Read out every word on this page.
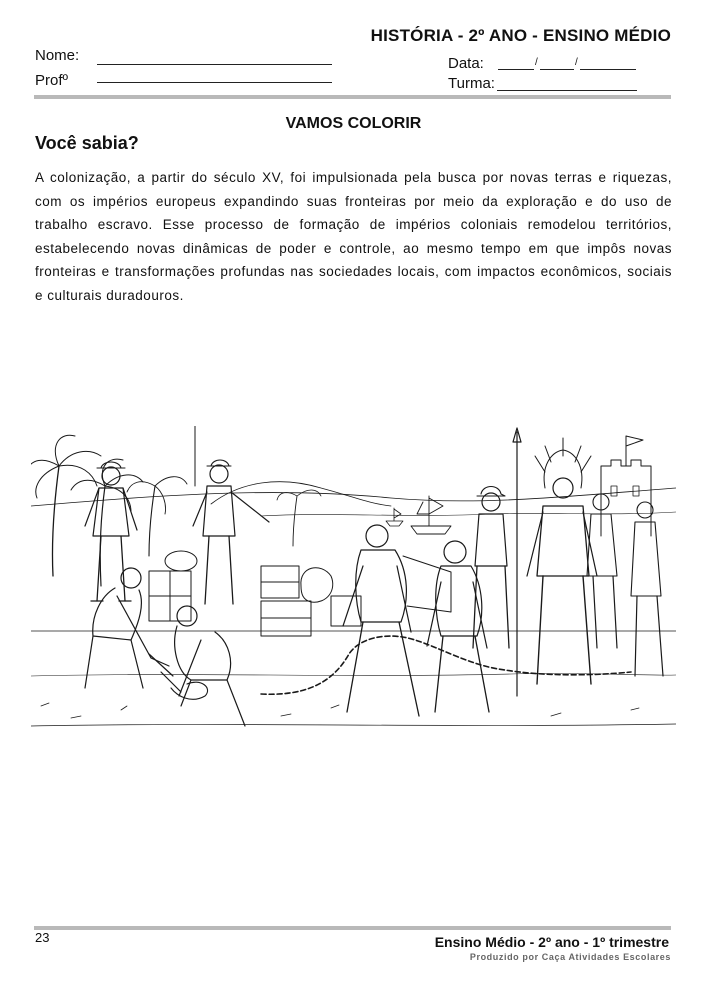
HISTÓRIA - 2º ANO - ENSINO MÉDIO
Nome:
Profº
Data:	/	/
Turma:
VAMOS COLORIR
Você sabia?
A colonização, a partir do século XV, foi impulsionada pela busca por novas terras e riquezas, com os impérios europeus expandindo suas fronteiras por meio da exploração e do uso de trabalho escravo. Esse processo de formação de impérios coloniais remodelou territórios, estabelecendo novas dinâmicas de poder e controle, ao mesmo tempo em que impôs novas fronteiras e transformações profundas nas sociedades locais, com impactos econômicos, sociais e culturais duradouros.
23	Ensino Médio - 2º ano - 1º trimestre
Produzido por Caça Atividades Escolares
